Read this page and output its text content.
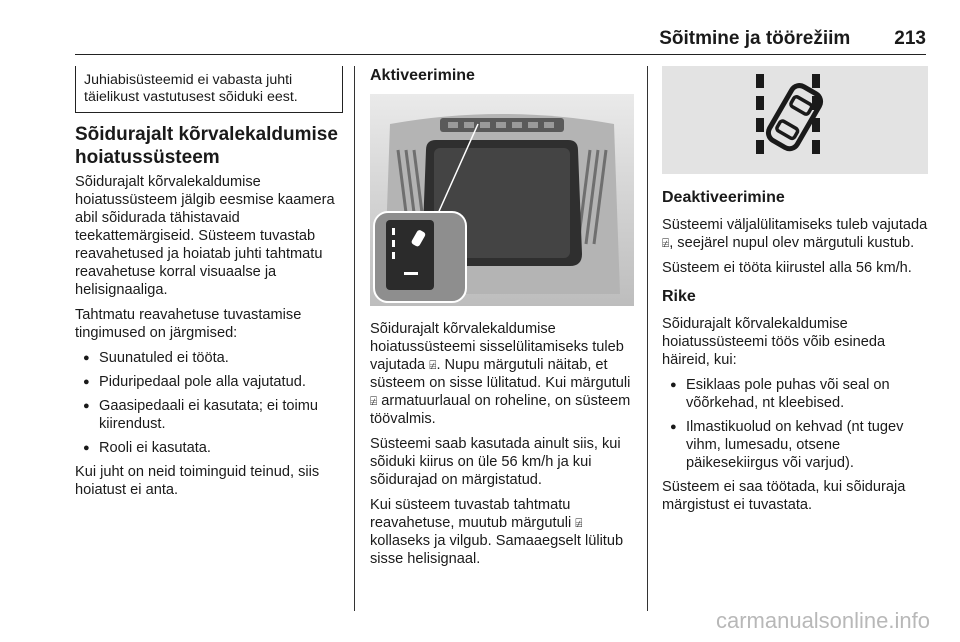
Sõitmine ja töörežiim 213
Juhiabisüsteemid ei vabasta juhti täielikust vastutusest sõiduki eest.
Sõidurajalt kõrvalekaldumise hoiatussüsteem

Sõidurajalt kõrvalekaldumise hoiatussüsteem jälgib eesmise kaamera abil sõidurada tähistavaid teekattemärgiseid. Süsteem tuvastab reavahetused ja hoiatab juhti tahtmatu reavahetuse korral visuaalse ja helisignaaliga.

Tahtmatu reavahetuse tuvastamise tingimused on järgmised:

● Suunatuled ei tööta.
● Piduripedaal pole alla vajutatud.
● Gaasipedaali ei kasutata; ei toimu kiirendust.
● Rooli ei kasutata.

Kui juht on neid toiminguid teinud, siis hoiatust ei anta.

Aktiveerimine

Sõidurajalt kõrvalekaldumise hoiatussüsteemi sisselülitamiseks tuleb vajutada ⍯. Nupu märgutuli näitab, et süsteem on sisse lülitatud. Kui märgutuli ⍯ armatuurlaual on roheline, on süsteem töövalmis.

Süsteemi saab kasutada ainult siis, kui sõiduki kiirus on üle 56 km/h ja kui sõidurajad on märgistatud.

Kui süsteem tuvastab tahtmatu reavahetuse, muutub märgutuli ⍯ kollaseks ja vilgub. Samaaegselt lülitub sisse helisignaal.

Deaktiveerimine

Süsteemi väljalülitamiseks tuleb vajutada ⍯, seejärel nupul olev märgutuli kustub.

Süsteem ei tööta kiirustel alla 56 km/h.

Rike

Sõidurajalt kõrvalekaldumise hoiatussüsteemi töös võib esineda häireid, kui:

● Esiklaas pole puhas või seal on võõrkehad, nt kleebised.
● Ilmastikuolud on kehvad (nt tugev vihm, lumesadu, otsene päikesekiirgus või varjud).

Süsteem ei saa töötada, kui sõiduraja märgistust ei tuvastata.

carmanualsonline.info
